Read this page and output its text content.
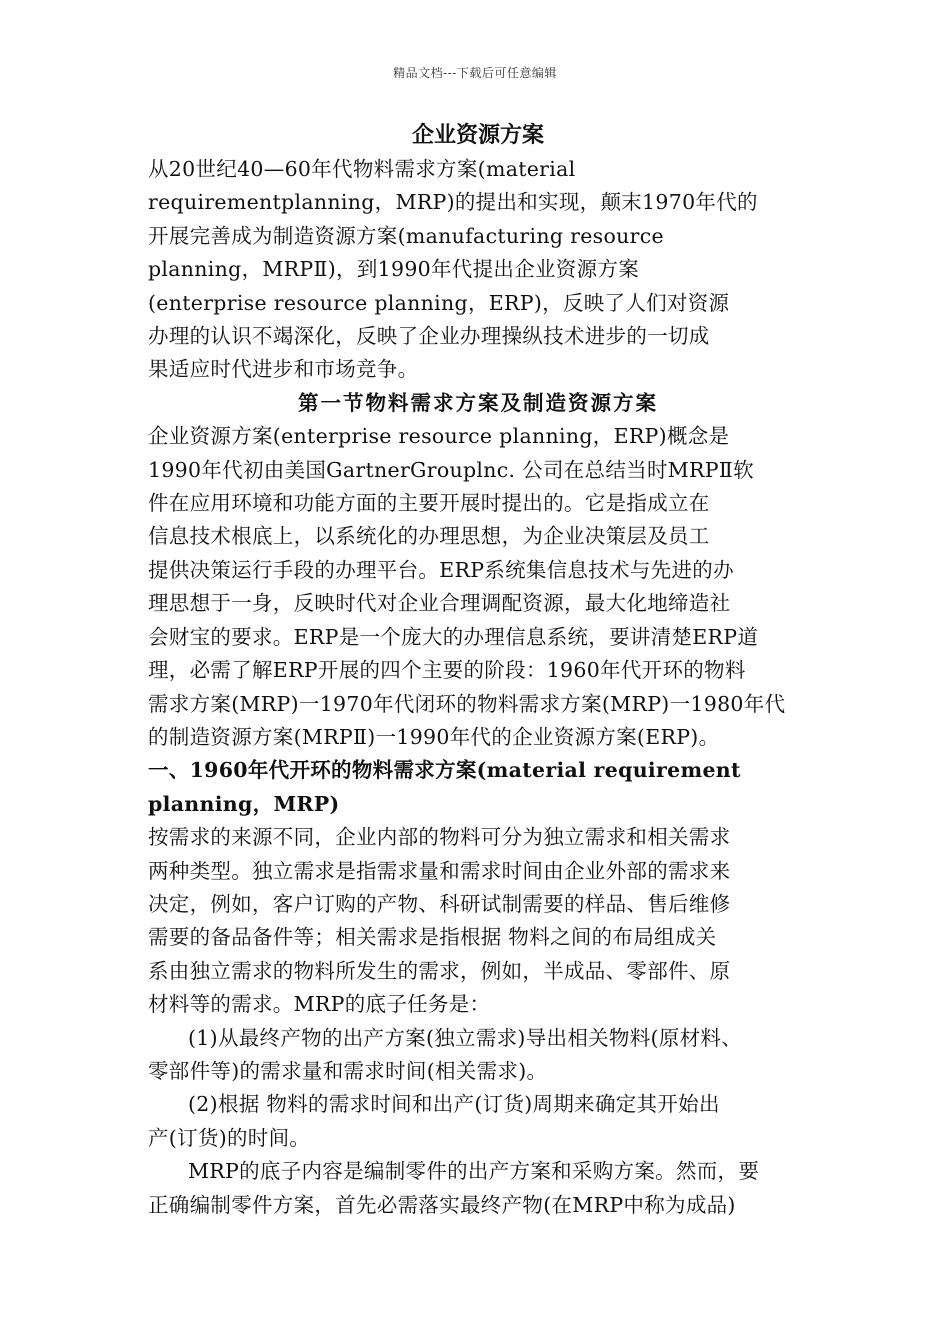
精品文档---下载后可任意编辑
企业资源方案
从20世纪40—60年代物料需求方案(material
requirementplanning，MRP)的提出和实现，颠末1970年代的
开展完善成为制造资源方案(manufacturing resource
planning，MRPⅡ)，到1990年代提出企业资源方案
(enterprise resource planning，ERP)，反映了人们对资源
办理的认识不竭深化，反映了企业办理操纵技术进步的一切成
果适应时代进步和市场竞争。
第一节物料需求方案及制造资源方案
企业资源方案(enterprise resource planning，ERP)概念是
1990年代初由美国GartnerGrouplnc. 公司在总结当时MRPⅡ软
件在应用环境和功能方面的主要开展时提出的。它是指成立在
信息技术根底上，以系统化的办理思想，为企业决策层及员工
提供决策运行手段的办理平台。ERP系统集信息技术与先进的办
理思想于一身，反映时代对企业合理调配资源，最大化地缔造社
会财宝的要求。ERP是一个庞大的办理信息系统，要讲清楚ERP道
理，必需了解ERP开展的四个主要的阶段：1960年代开环的物料
需求方案(MRP)一1970年代闭环的物料需求方案(MRP)一1980年代
的制造资源方案(MRPⅡ)一1990年代的企业资源方案(ERP)。
一、1960年代开环的物料需求方案(material requirement
planning，MRP)
按需求的来源不同，企业内部的物料可分为独立需求和相关需求
两种类型。独立需求是指需求量和需求时间由企业外部的需求来
决定，例如，客户订购的产物、科研试制需要的样品、售后维修
需要的备品备件等；相关需求是指根据 物料之间的布局组成关
系由独立需求的物料所发生的需求，例如，半成品、零部件、原
材料等的需求。MRP的底子任务是：
(1)从最终产物的出产方案(独立需求)导出相关物料(原材料、
零部件等)的需求量和需求时间(相关需求)。
(2)根据 物料的需求时间和出产(订货)周期来确定其开始出
产(订货)的时间。
MRP的底子内容是编制零件的出产方案和采购方案。然而，要
正确编制零件方案，首先必需落实最终产物(在MRP中称为成品)
